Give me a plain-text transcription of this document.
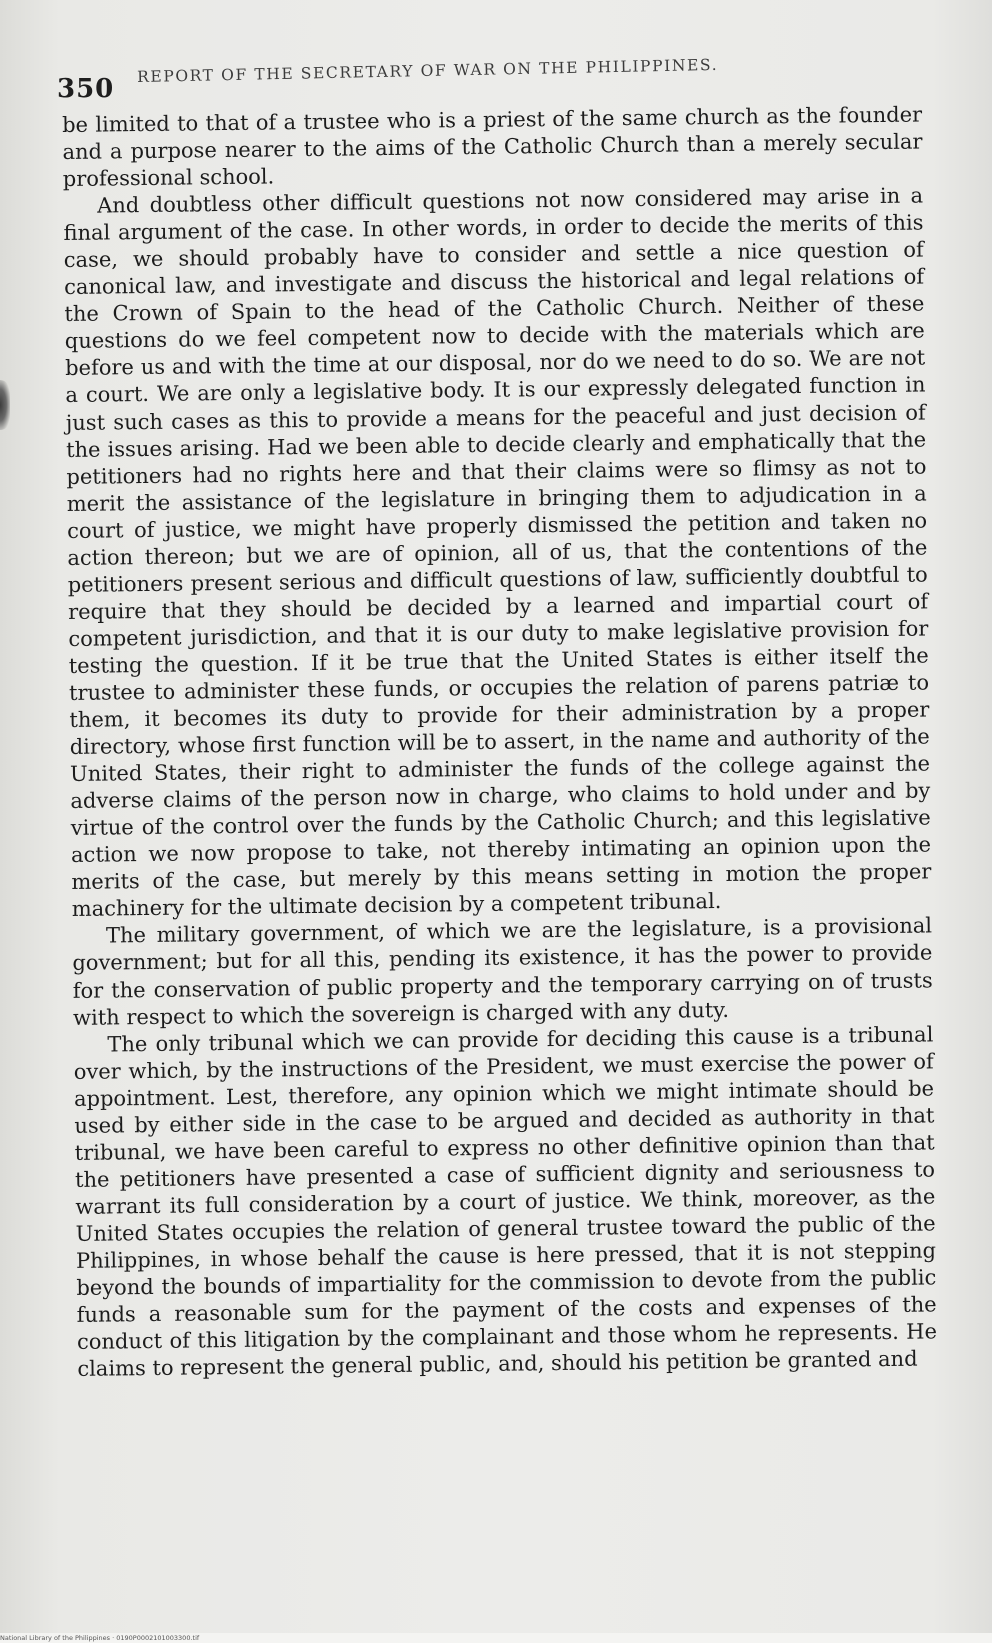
350
REPORT OF THE SECRETARY OF WAR ON THE PHILIPPINES.

be limited to that of a trustee who is a priest of the same church as the founder and a purpose nearer to the aims of the Catholic Church than a merely secular professional school.

And doubtless other difficult questions not now considered may arise in a final argument of the case. In other words, in order to decide the merits of this case, we should probably have to consider and settle a nice question of canonical law, and investigate and discuss the historical and legal relations of the Crown of Spain to the head of the Catholic Church. Neither of these questions do we feel competent now to decide with the materials which are before us and with the time at our disposal, nor do we need to do so. We are not a court. We are only a legislative body. It is our expressly delegated function in just such cases as this to provide a means for the peaceful and just decision of the issues arising. Had we been able to decide clearly and emphatically that the petitioners had no rights here and that their claims were so flimsy as not to merit the assistance of the legislature in bringing them to adjudication in a court of justice, we might have properly dismissed the petition and taken no action thereon; but we are of opinion, all of us, that the contentions of the petitioners present serious and difficult questions of law, sufficiently doubtful to require that they should be decided by a learned and impartial court of competent jurisdiction, and that it is our duty to make legislative provision for testing the question. If it be true that the United States is either itself the trustee to administer these funds, or occupies the relation of parens patriæ to them, it becomes its duty to provide for their administration by a proper directory, whose first function will be to assert, in the name and authority of the United States, their right to administer the funds of the college against the adverse claims of the person now in charge, who claims to hold under and by virtue of the control over the funds by the Catholic Church; and this legislative action we now propose to take, not thereby intimating an opinion upon the merits of the case, but merely by this means setting in motion the proper machinery for the ultimate decision by a competent tribunal.

The military government, of which we are the legislature, is a provisional government; but for all this, pending its existence, it has the power to provide for the conservation of public property and the temporary carrying on of trusts with respect to which the sovereign is charged with any duty.

The only tribunal which we can provide for deciding this cause is a tribunal over which, by the instructions of the President, we must exercise the power of appointment. Lest, therefore, any opinion which we might intimate should be used by either side in the case to be argued and decided as authority in that tribunal, we have been careful to express no other definitive opinion than that the petitioners have presented a case of sufficient dignity and seriousness to warrant its full consideration by a court of justice. We think, moreover, as the United States occupies the relation of general trustee toward the public of the Philippines, in whose behalf the cause is here pressed, that it is not stepping beyond the bounds of impartiality for the commission to devote from the public funds a reasonable sum for the payment of the costs and expenses of the conduct of this litigation by the complainant and those whom he represents. He claims to represent the general public, and, should his petition be granted and

National Library of the Philippines · 0190P0002101003300.tif
